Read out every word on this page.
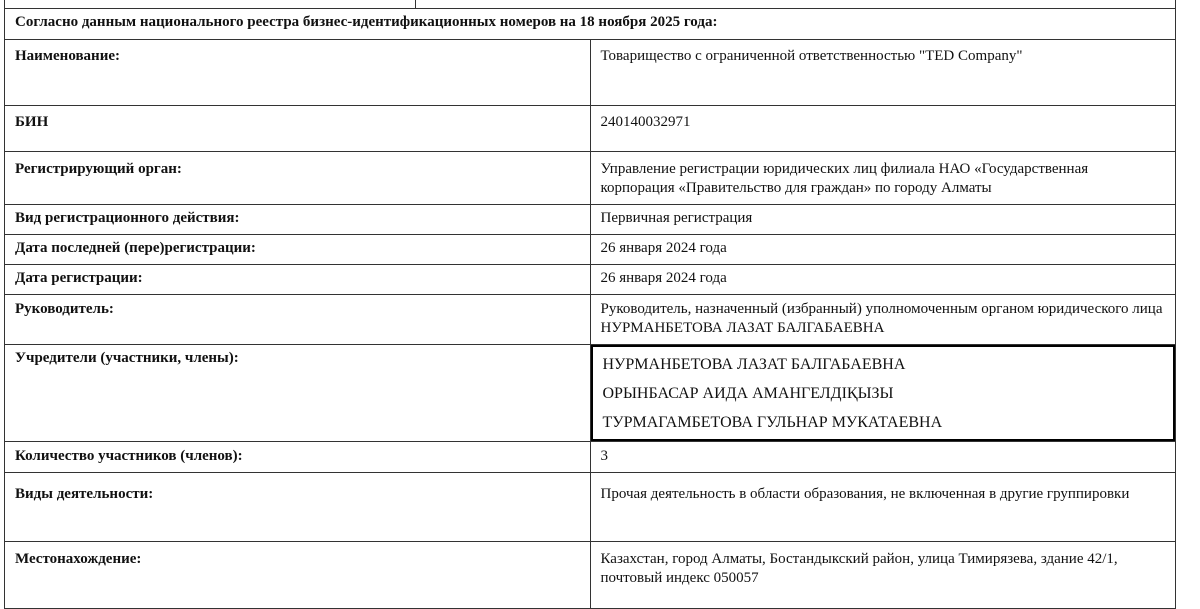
Согласно данным национального реестра бизнес-идентификационных номеров на 18 ноября 2025 года:	
Наименование:	Товарищество с ограниченной ответственностью "TED Company"
БИН	240140032971
Регистрирующий орган:	Управление регистрации юридических лиц филиала НАО «Государственная корпорация «Правительство для граждан» по городу Алматы
Вид регистрационного действия:	Первичная регистрация
Дата последней (пере)регистрации:	26 января 2024 года
Дата регистрации:	26 января 2024 года
Руководитель:	Руководитель, назначенный (избранный) уполномоченным органом юридического лица
НУРМАНБЕТОВА ЛАЗАТ БАЛГАБАЕВНА

Учредители (участники, члены):	НУРМАНБЕТОВА ЛАЗАТ БАЛГАБАЕВНА
ОРЫНБАСАР АИДА АМАНГЕЛДІҚЫЗЫ
ТУРМАГАМБЕТОВА ГУЛЬНАР МУКАТАЕВНА

Количество участников (членов):	3
Виды деятельности:	Прочая деятельность в области образования, не включенная в другие группировки
Местонахождение:	Казахстан, город Алматы, Бостандыкский район, улица Тимирязева, здание 42/1, почтовый индекс 050057
